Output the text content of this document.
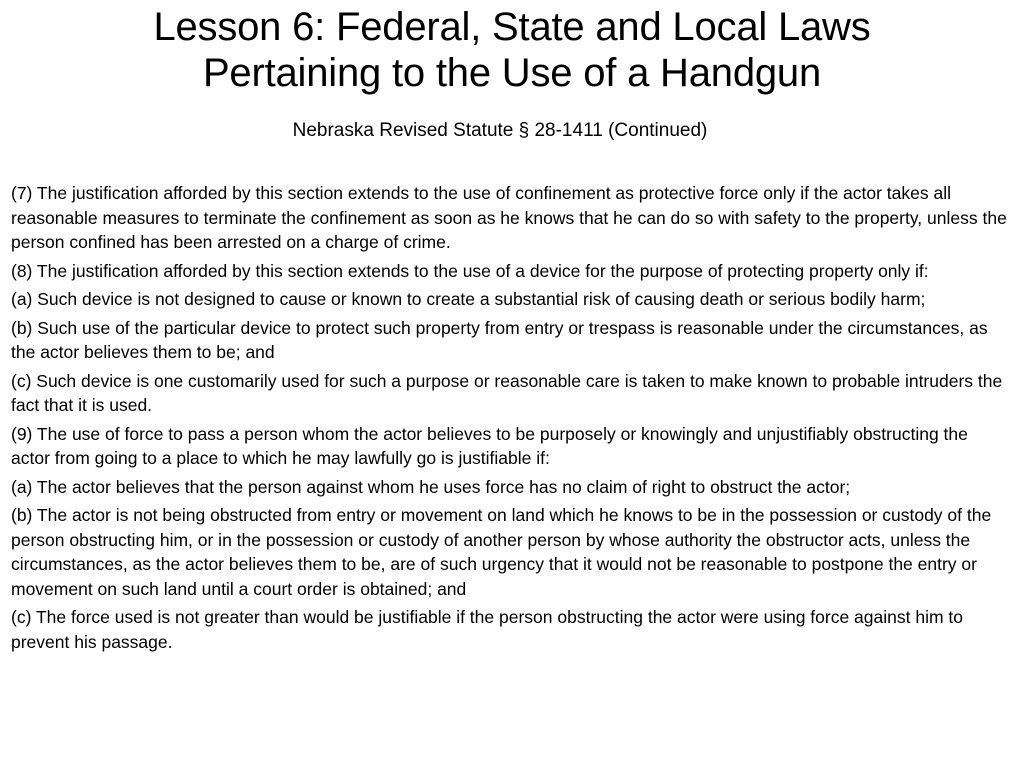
Lesson 6: Federal, State and Local Laws
Pertaining to the Use of a Handgun

Nebraska Revised Statute § 28-1411 (Continued)

(7) The justification afforded by this section extends to the use of confinement as protective force only if the actor takes all reasonable measures to terminate the confinement as soon as he knows that he can do so with safety to the property, unless the person confined has been arrested on a charge of crime.
(8) The justification afforded by this section extends to the use of a device for the purpose of protecting property only if:
(a) Such device is not designed to cause or known to create a substantial risk of causing death or serious bodily harm;
(b) Such use of the particular device to protect such property from entry or trespass is reasonable under the circumstances, as the actor believes them to be; and
(c) Such device is one customarily used for such a purpose or reasonable care is taken to make known to probable intruders the fact that it is used.
(9) The use of force to pass a person whom the actor believes to be purposely or knowingly and unjustifiably obstructing the actor from going to a place to which he may lawfully go is justifiable if:
(a) The actor believes that the person against whom he uses force has no claim of right to obstruct the actor;
(b) The actor is not being obstructed from entry or movement on land which he knows to be in the possession or custody of the person obstructing him, or in the possession or custody of another person by whose authority the obstructor acts, unless the circumstances, as the actor believes them to be, are of such urgency that it would not be reasonable to postpone the entry or movement on such land until a court order is obtained; and
(c) The force used is not greater than would be justifiable if the person obstructing the actor were using force against him to prevent his passage.
